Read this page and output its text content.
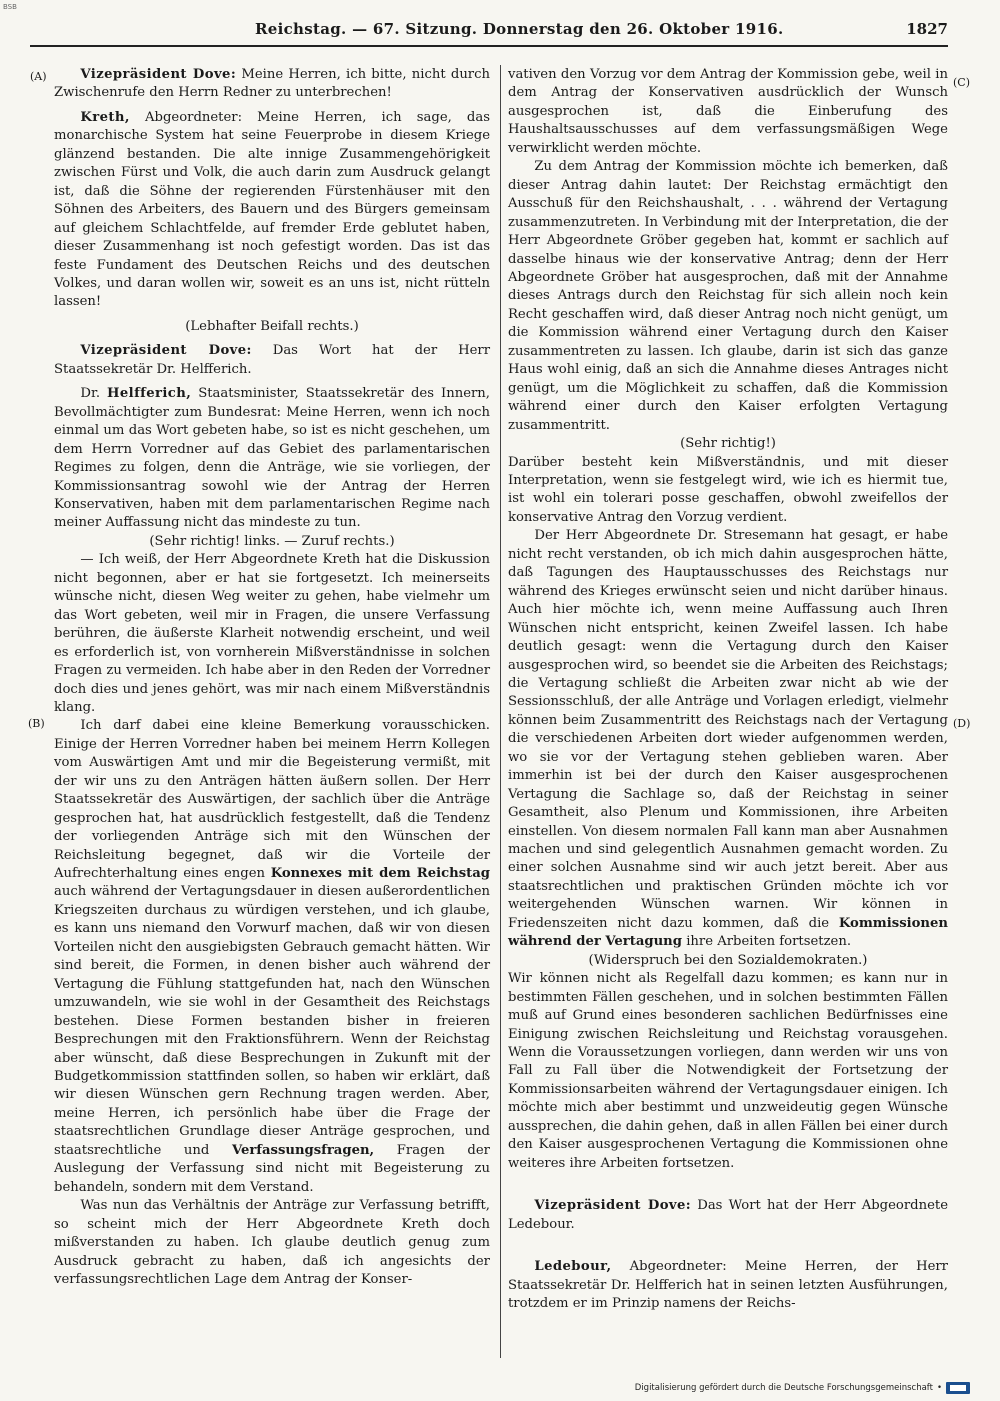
BSB
Reichstag. — 67. Sitzung. Donnerstag den 26. Oktober 1916.	1827
(A)
(B)
(C)
(D)

Vizepräsident Dove: Meine Herren, ich bitte, nicht durch Zwischenrufe den Herrn Redner zu unterbrechen!

Kreth, Abgeordneter: Meine Herren, ich sage, das monarchische System hat seine Feuerprobe in diesem Kriege glänzend bestanden. Die alte innige Zusammengehörigkeit zwischen Fürst und Volk, die auch darin zum Ausdruck gelangt ist, daß die Söhne der regierenden Fürstenhäuser mit den Söhnen des Arbeiters, des Bauern und des Bürgers gemeinsam auf gleichem Schlachtfelde, auf fremder Erde geblutet haben, dieser Zusammenhang ist noch gefestigt worden. Das ist das feste Fundament des Deutschen Reichs und des deutschen Volkes, und daran wollen wir, soweit es an uns ist, nicht rütteln lassen!

(Lebhafter Beifall rechts.)

Vizepräsident Dove: Das Wort hat der Herr Staatssekretär Dr. Helfferich.

Dr. Helfferich, Staatsminister, Staatssekretär des Innern, Bevollmächtigter zum Bundesrat: Meine Herren, wenn ich noch einmal um das Wort gebeten habe, so ist es nicht geschehen, um dem Herrn Vorredner auf das Gebiet des parlamentarischen Regimes zu folgen, denn die Anträge, wie sie vorliegen, der Kommissionsantrag sowohl wie der Antrag der Herren Konservativen, haben mit dem parlamentarischen Regime nach meiner Auffassung nicht das mindeste zu tun.

(Sehr richtig! links. — Zuruf rechts.)

— Ich weiß, der Herr Abgeordnete Kreth hat die Diskussion nicht begonnen, aber er hat sie fortgesetzt. Ich meinerseits wünsche nicht, diesen Weg weiter zu gehen, habe vielmehr um das Wort gebeten, weil mir in Fragen, die unsere Verfassung berühren, die äußerste Klarheit notwendig erscheint, und weil es erforderlich ist, von vornherein Mißverständnisse in solchen Fragen zu vermeiden. Ich habe aber in den Reden der Vorredner doch dies und jenes gehört, was mir nach einem Mißverständnis klang.

Ich darf dabei eine kleine Bemerkung vorausschicken. Einige der Herren Vorredner haben bei meinem Herrn Kollegen vom Auswärtigen Amt und mir die Begeisterung vermißt, mit der wir uns zu den Anträgen hätten äußern sollen. Der Herr Staatssekretär des Auswärtigen, der sachlich über die Anträge gesprochen hat, hat ausdrücklich festgestellt, daß die Tendenz der vorliegenden Anträge sich mit den Wünschen der Reichsleitung begegnet, daß wir die Vorteile der Aufrechterhaltung eines engen Konnexes mit dem Reichstag auch während der Vertagungsdauer in diesen außerordentlichen Kriegszeiten durchaus zu würdigen verstehen, und ich glaube, es kann uns niemand den Vorwurf machen, daß wir von diesen Vorteilen nicht den ausgiebigsten Gebrauch gemacht hätten. Wir sind bereit, die Formen, in denen bisher auch während der Vertagung die Fühlung stattgefunden hat, nach den Wünschen umzuwandeln, wie sie wohl in der Gesamtheit des Reichstags bestehen. Diese Formen bestanden bisher in freieren Besprechungen mit den Fraktionsführern. Wenn der Reichstag aber wünscht, daß diese Besprechungen in Zukunft mit der Budgetkommission stattfinden sollen, so haben wir erklärt, daß wir diesen Wünschen gern Rechnung tragen werden. Aber, meine Herren, ich persönlich habe über die Frage der staatsrechtlichen Grundlage dieser Anträge gesprochen, und staatsrechtliche und Verfassungsfragen, Fragen der Auslegung der Verfassung sind nicht mit Begeisterung zu behandeln, sondern mit dem Verstand.

Was nun das Verhältnis der Anträge zur Verfassung betrifft, so scheint mich der Herr Abgeordnete Kreth doch mißverstanden zu haben. Ich glaube deutlich genug zum Ausdruck gebracht zu haben, daß ich angesichts der verfassungsrechtlichen Lage dem Antrag der Konser-

vativen den Vorzug vor dem Antrag der Kommission gebe, weil in dem Antrag der Konservativen ausdrücklich der Wunsch ausgesprochen ist, daß die Einberufung des Haushaltsausschusses auf dem verfassungsmäßigen Wege verwirklicht werden möchte.

Zu dem Antrag der Kommission möchte ich bemerken, daß dieser Antrag dahin lautet: Der Reichstag ermächtigt den Ausschuß für den Reichshaushalt, . . . während der Vertagung zusammenzutreten. In Verbindung mit der Interpretation, die der Herr Abgeordnete Gröber gegeben hat, kommt er sachlich auf dasselbe hinaus wie der konservative Antrag; denn der Herr Abgeordnete Gröber hat ausgesprochen, daß mit der Annahme dieses Antrags durch den Reichstag für sich allein noch kein Recht geschaffen wird, daß dieser Antrag noch nicht genügt, um die Kommission während einer Vertagung durch den Kaiser zusammentreten zu lassen. Ich glaube, darin ist sich das ganze Haus wohl einig, daß an sich die Annahme dieses Antrages nicht genügt, um die Möglichkeit zu schaffen, daß die Kommission während einer durch den Kaiser erfolgten Vertagung zusammentritt.

(Sehr richtig!)

Darüber besteht kein Mißverständnis, und mit dieser Interpretation, wenn sie festgelegt wird, wie ich es hiermit tue, ist wohl ein tolerari posse geschaffen, obwohl zweifellos der konservative Antrag den Vorzug verdient.

Der Herr Abgeordnete Dr. Stresemann hat gesagt, er habe nicht recht verstanden, ob ich mich dahin ausgesprochen hätte, daß Tagungen des Hauptausschusses des Reichstags nur während des Krieges erwünscht seien und nicht darüber hinaus. Auch hier möchte ich, wenn meine Auffassung auch Ihren Wünschen nicht entspricht, keinen Zweifel lassen. Ich habe deutlich gesagt: wenn die Vertagung durch den Kaiser ausgesprochen wird, so beendet sie die Arbeiten des Reichstags; die Vertagung schließt die Arbeiten zwar nicht ab wie der Sessionsschluß, der alle Anträge und Vorlagen erledigt, vielmehr können beim Zusammentritt des Reichstags nach der Vertagung die verschiedenen Arbeiten dort wieder aufgenommen werden, wo sie vor der Vertagung stehen geblieben waren. Aber immerhin ist bei der durch den Kaiser ausgesprochenen Vertagung die Sachlage so, daß der Reichstag in seiner Gesamtheit, also Plenum und Kommissionen, ihre Arbeiten einstellen. Von diesem normalen Fall kann man aber Ausnahmen machen und sind gelegentlich Ausnahmen gemacht worden. Zu einer solchen Ausnahme sind wir auch jetzt bereit. Aber aus staatsrechtlichen und praktischen Gründen möchte ich vor weitergehenden Wünschen warnen. Wir können in Friedenszeiten nicht dazu kommen, daß die Kommissionen während der Vertagung ihre Arbeiten fortsetzen.

(Widerspruch bei den Sozialdemokraten.)

Wir können nicht als Regelfall dazu kommen; es kann nur in bestimmten Fällen geschehen, und in solchen bestimmten Fällen muß auf Grund eines besonderen sachlichen Bedürfnisses eine Einigung zwischen Reichsleitung und Reichstag vorausgehen. Wenn die Voraussetzungen vorliegen, dann werden wir uns von Fall zu Fall über die Notwendigkeit der Fortsetzung der Kommissionsarbeiten während der Vertagungsdauer einigen. Ich möchte mich aber bestimmt und unzweideutig gegen Wünsche aussprechen, die dahin gehen, daß in allen Fällen bei einer durch den Kaiser ausgesprochenen Vertagung die Kommissionen ohne weiteres ihre Arbeiten fortsetzen.

Vizepräsident Dove: Das Wort hat der Herr Abgeordnete Ledebour.

Ledebour, Abgeordneter: Meine Herren, der Herr Staatssekretär Dr. Helfferich hat in seinen letzten Ausführungen, trotzdem er im Prinzip namens der Reichs-

Digitalisierung gefördert durch die Deutsche Forschungsgemeinschaft •
